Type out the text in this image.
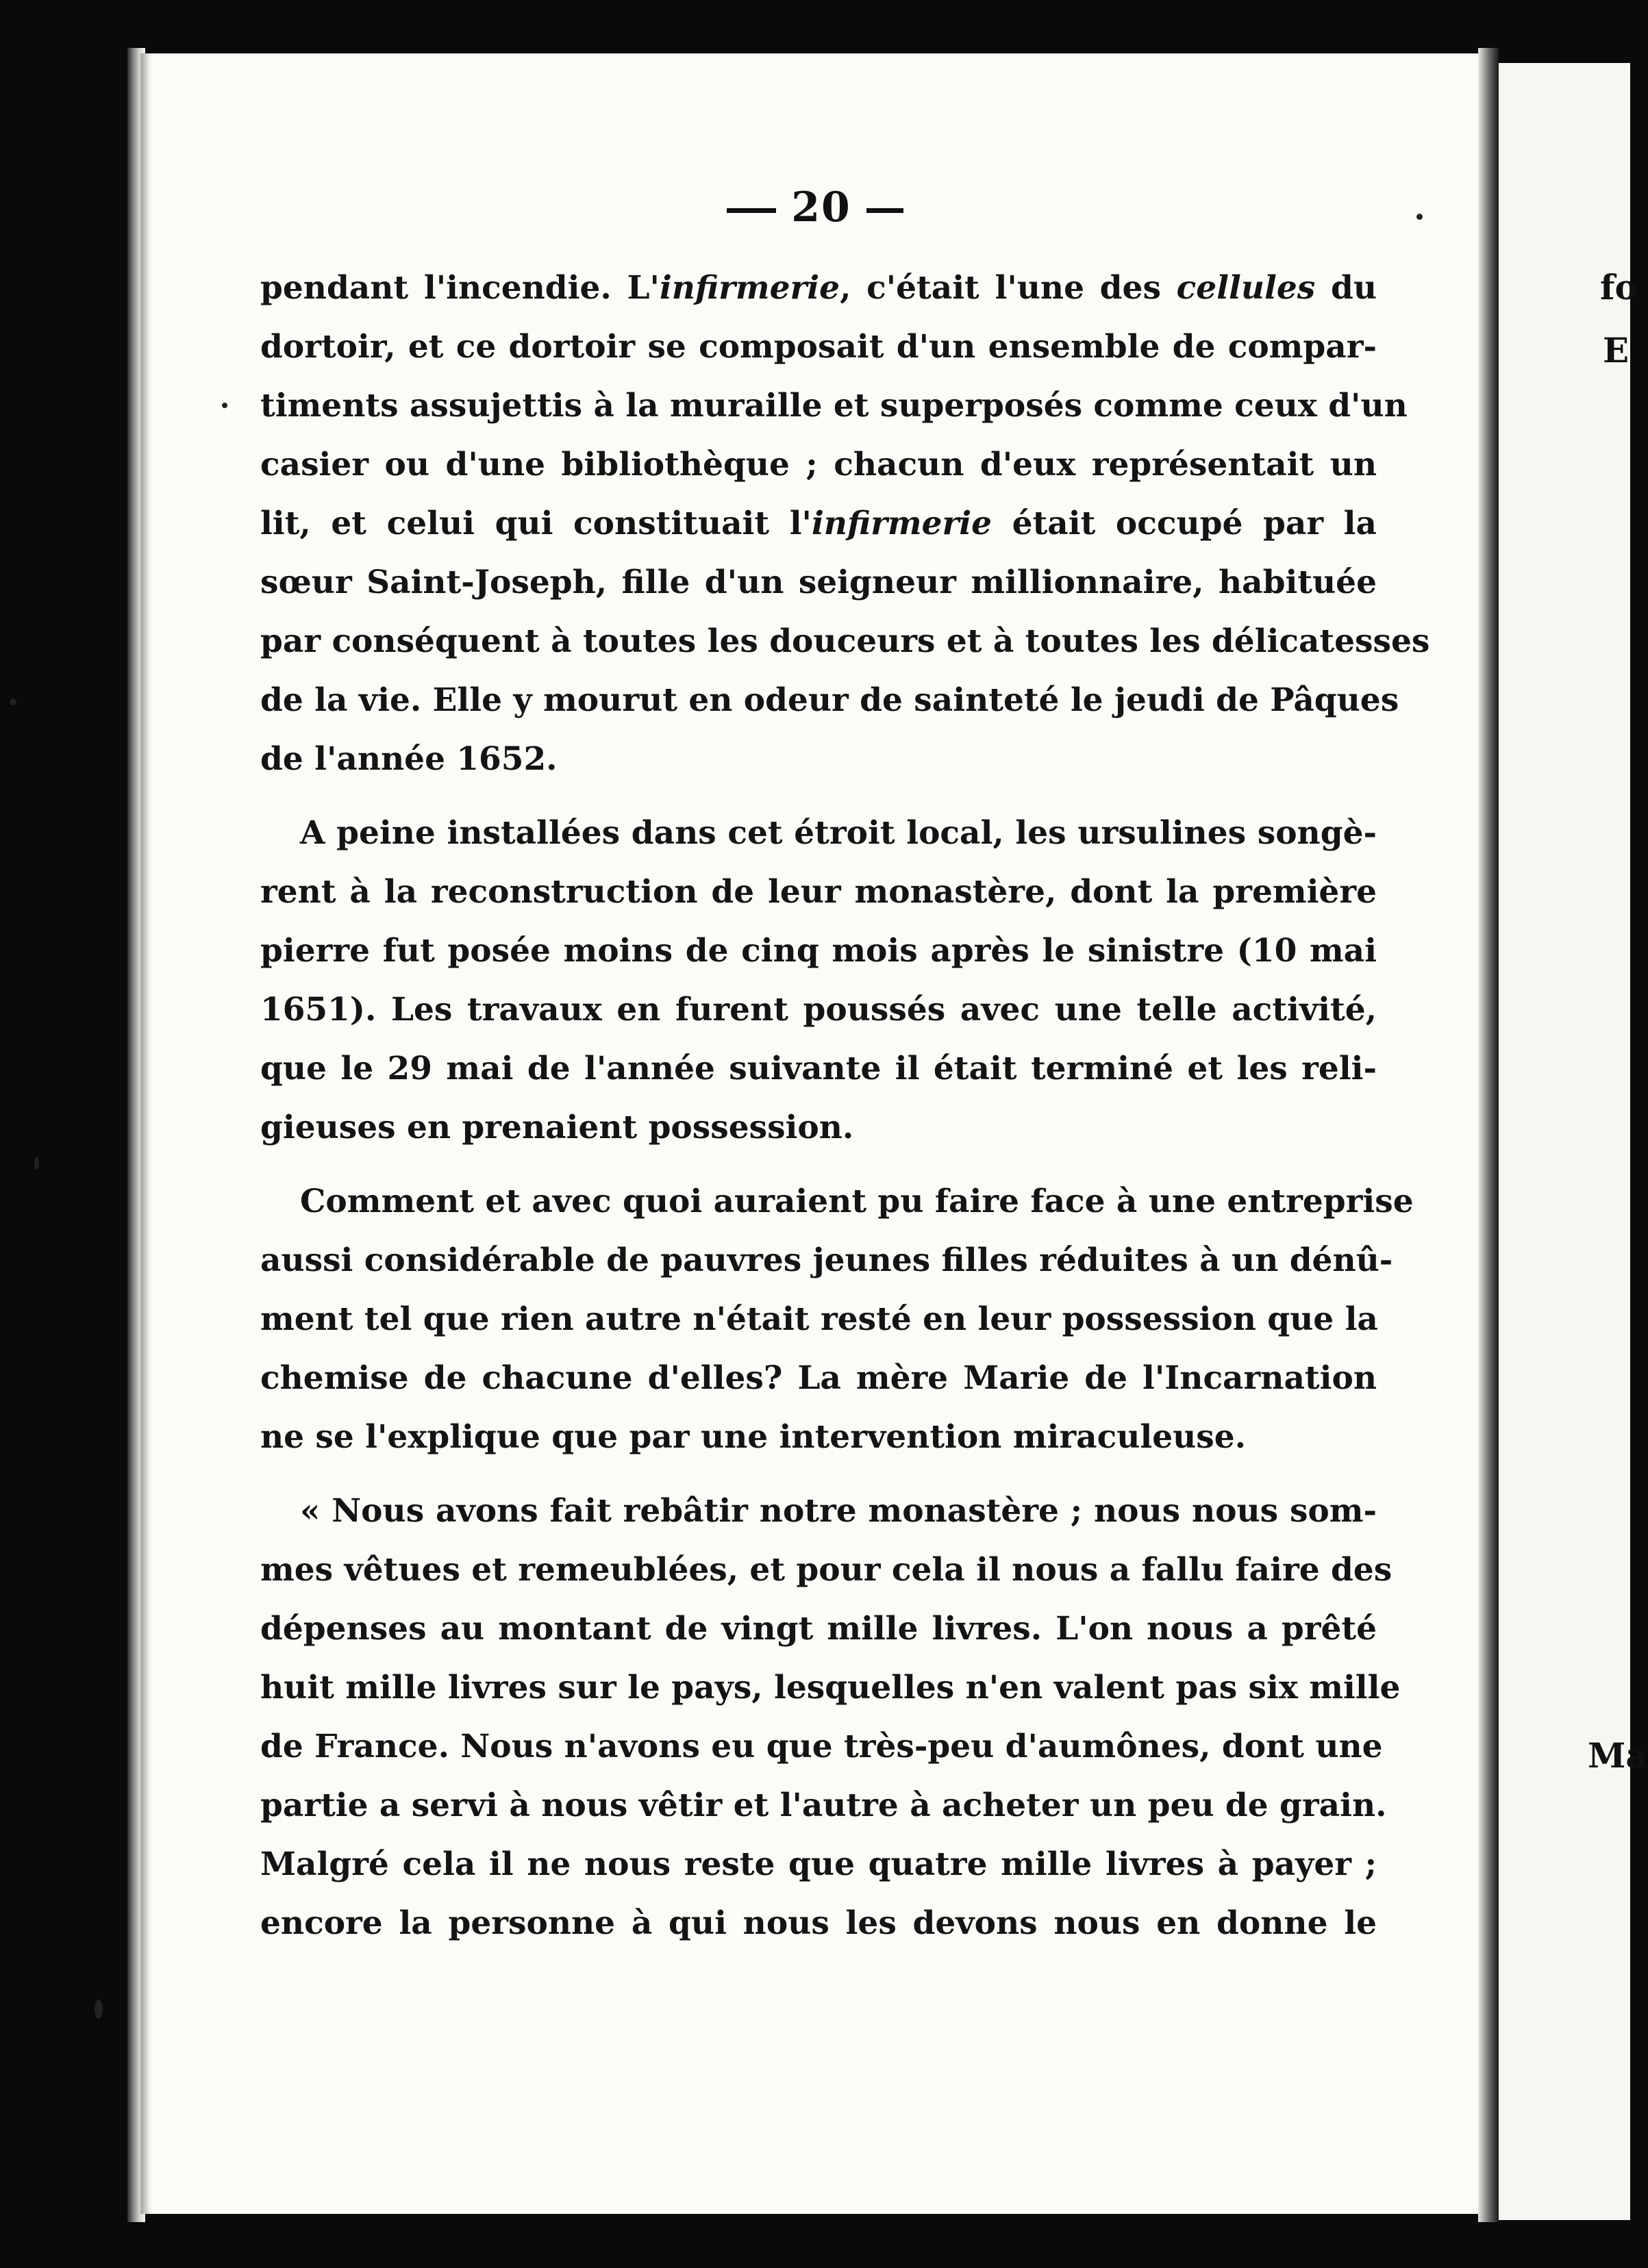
fo
E
Ma
20
pendant l'incendie. L'infirmerie, c'était l'une des cellules du
dortoir, et ce dortoir se composait d'un ensemble de compar-
timents assujettis à la muraille et superposés comme ceux d'un
casier ou d'une bibliothèque ; chacun d'eux représentait un
lit, et celui qui constituait l'infirmerie était occupé par la
sœur Saint-Joseph, fille d'un seigneur millionnaire, habituée
par conséquent à toutes les douceurs et à toutes les délicatesses
de la vie. Elle y mourut en odeur de sainteté le jeudi de Pâques
de l'année 1652.
A peine installées dans cet étroit local, les ursulines songè-
rent à la reconstruction de leur monastère, dont la première
pierre fut posée moins de cinq mois après le sinistre (10 mai
1651). Les travaux en furent poussés avec une telle activité,
que le 29 mai de l'année suivante il était terminé et les reli-
gieuses en prenaient possession.
Comment et avec quoi auraient pu faire face à une entreprise
aussi considérable de pauvres jeunes filles réduites à un dénû-
ment tel que rien autre n'était resté en leur possession que la
chemise de chacune d'elles? La mère Marie de l'Incarnation
ne se l'explique que par une intervention miraculeuse.
« Nous avons fait rebâtir notre monastère ; nous nous som-
mes vêtues et remeublées, et pour cela il nous a fallu faire des
dépenses au montant de vingt mille livres. L'on nous a prêté
huit mille livres sur le pays, lesquelles n'en valent pas six mille
de France. Nous n'avons eu que très-peu d'aumônes, dont une
partie a servi à nous vêtir et l'autre à acheter un peu de grain.
Malgré cela il ne nous reste que quatre mille livres à payer ;
encore la personne à qui nous les devons nous en donne le
